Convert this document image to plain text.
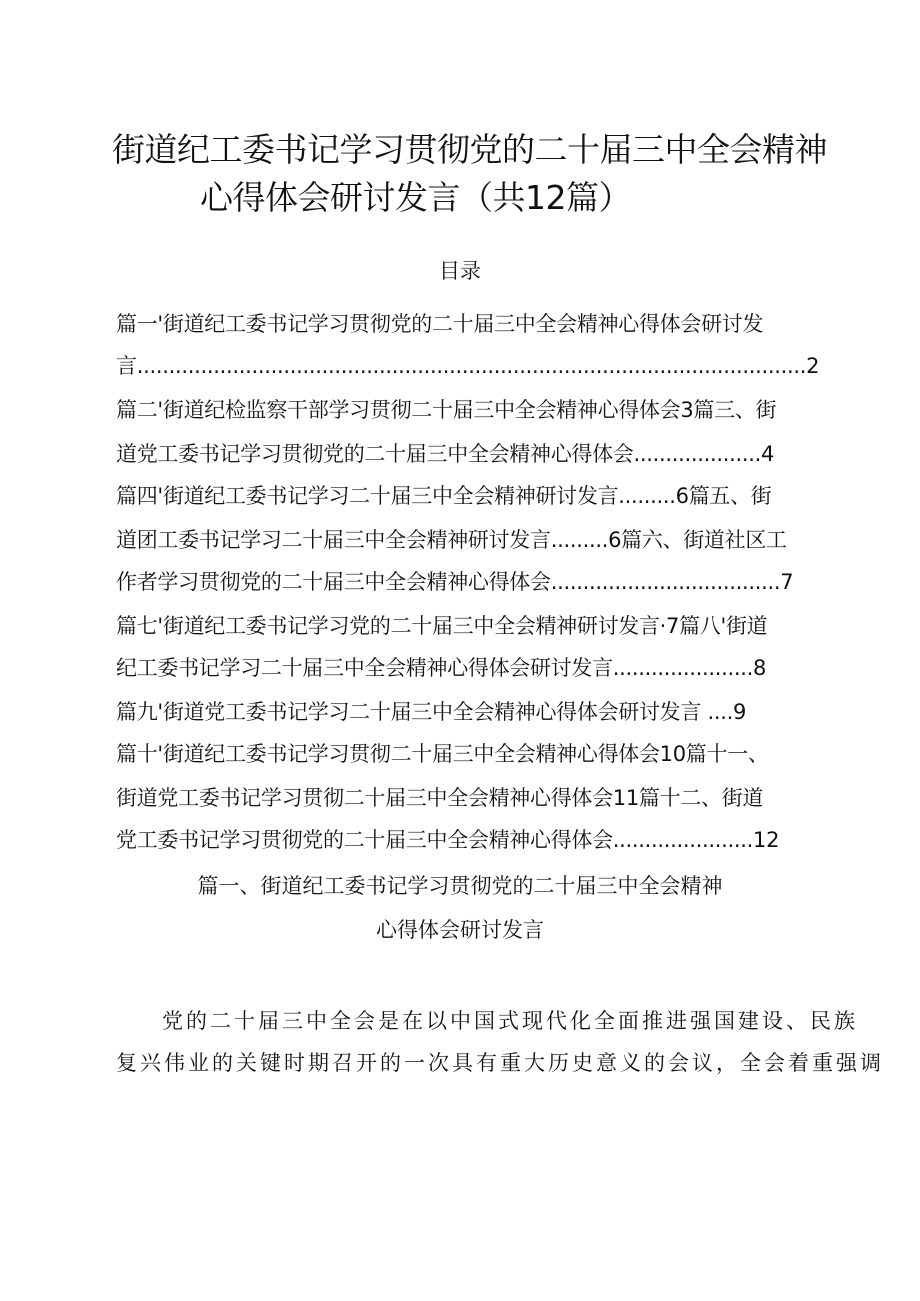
街道纪工委书记学习贯彻党的二十届三中全会精神
心得体会研讨发言（共12篇）
目录
篇一'街道纪工委书记学习贯彻党的二十届三中全会精神心得体会研讨发
言.........................................................................................................2
篇二'街道纪检监察干部学习贯彻二十届三中全会精神心得体会3篇三、街
道党工委书记学习贯彻党的二十届三中全会精神心得体会....................4
篇四'街道纪工委书记学习二十届三中全会精神研讨发言.........6篇五、街
道团工委书记学习二十届三中全会精神研讨发言.........6篇六、街道社区工
作者学习贯彻党的二十届三中全会精神心得体会....................................7
篇七'街道纪工委书记学习党的二十届三中全会精神研讨发言·7篇八'街道
纪工委书记学习二十届三中全会精神心得体会研讨发言......................8
篇九'街道党工委书记学习二十届三中全会精神心得体会研讨发言 ....9
篇十'街道纪工委书记学习贯彻二十届三中全会精神心得体会10篇十一、
街道党工委书记学习贯彻二十届三中全会精神心得体会11篇十二、街道
党工委书记学习贯彻党的二十届三中全会精神心得体会......................12
篇一、街道纪工委书记学习贯彻党的二十届三中全会精神
心得体会研讨发言
党的二十届三中全会是在以中国式现代化全面推进强国建设、民族
复兴伟业的关键时期召开的一次具有重大历史意义的会议，全会着重强调
